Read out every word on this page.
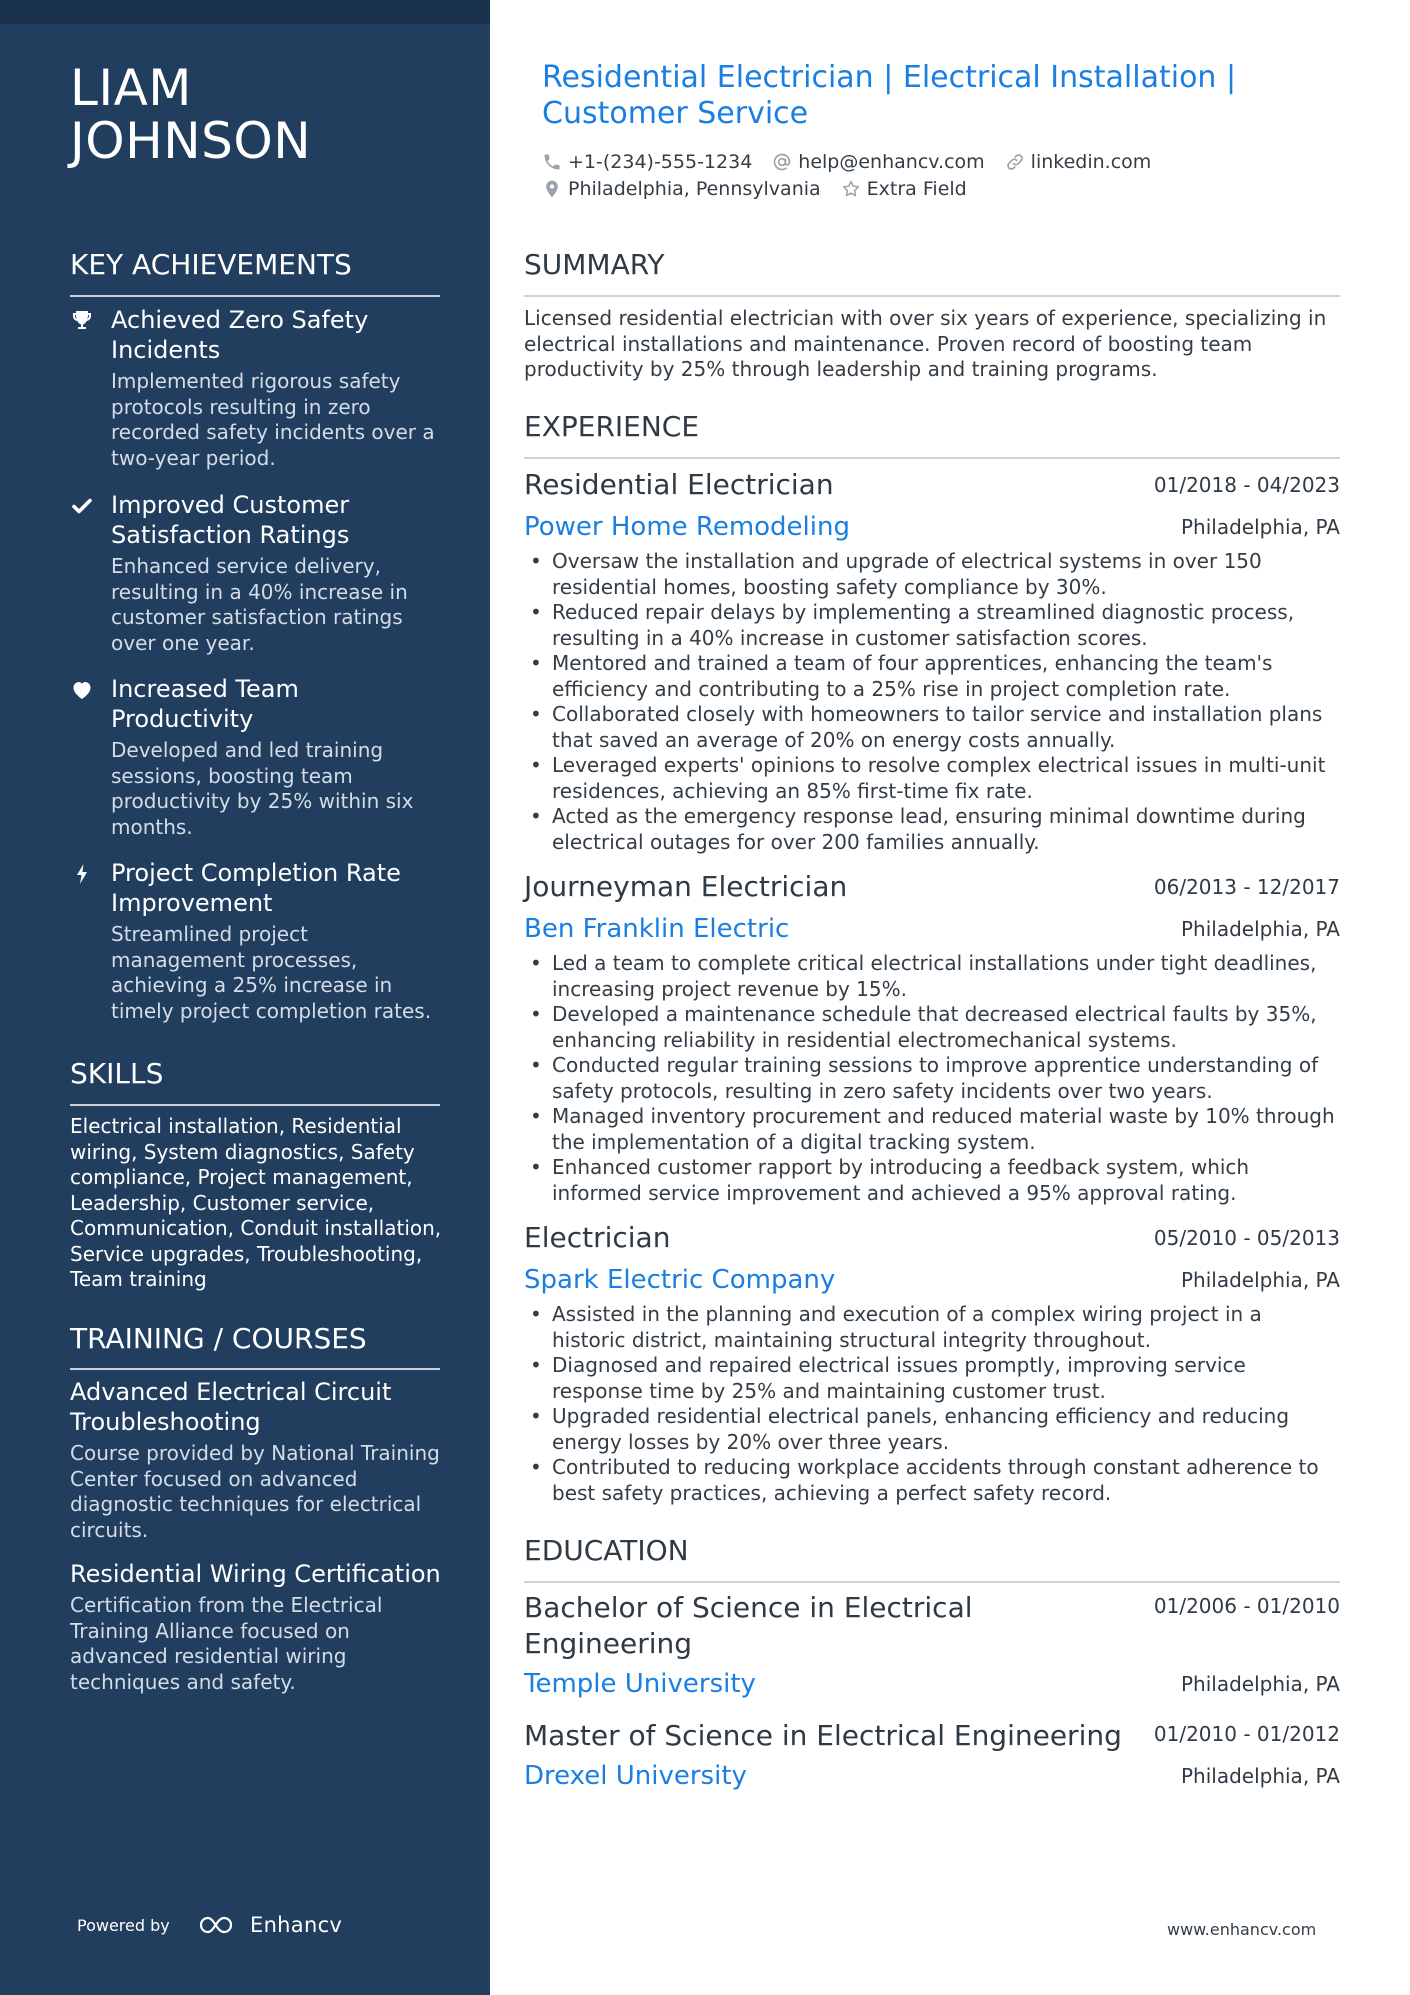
LIAM
JOHNSON
KEY ACHIEVEMENTS
Achieved Zero Safety Incidents
Implemented rigorous safety protocols resulting in zero recorded safety incidents over a two-year period.
Improved Customer Satisfaction Ratings
Enhanced service delivery, resulting in a 40% increase in customer satisfaction ratings over one year.
Increased Team Productivity
Developed and led training sessions, boosting team productivity by 25% within six months.
Project Completion Rate Improvement
Streamlined project management processes, achieving a 25% increase in timely project completion rates.
SKILLS
Electrical installation, Residential wiring, System diagnostics, Safety compliance, Project management, Leadership, Customer service, Communication, Conduit installation, Service upgrades, Troubleshooting, Team training
TRAINING / COURSES
Advanced Electrical Circuit Troubleshooting
Course provided by National Training Center focused on advanced diagnostic techniques for electrical circuits.
Residential Wiring Certification
Certification from the Electrical Training Alliance focused on advanced residential wiring techniques and safety.
Powered by	Enhancv
Residential Electrician | Electrical Installation |
Customer Service
+1-(234)-555-1234 help@enhancv.com linkedin.com
Philadelphia, Pennsylvania Extra Field
SUMMARY
Licensed residential electrician with over six years of experience, specializing in electrical installations and maintenance. Proven record of boosting team productivity by 25% through leadership and training programs.
EXPERIENCE
Residential Electrician	01/2018 - 04/2023
Power Home Remodeling	Philadelphia, PA
• Oversaw the installation and upgrade of electrical systems in over 150 residential homes, boosting safety compliance by 30%.
• Reduced repair delays by implementing a streamlined diagnostic process, resulting in a 40% increase in customer satisfaction scores.
• Mentored and trained a team of four apprentices, enhancing the team's efficiency and contributing to a 25% rise in project completion rate.
• Collaborated closely with homeowners to tailor service and installation plans that saved an average of 20% on energy costs annually.
• Leveraged experts' opinions to resolve complex electrical issues in multi-unit residences, achieving an 85% first-time fix rate.
• Acted as the emergency response lead, ensuring minimal downtime during electrical outages for over 200 families annually.
Journeyman Electrician	06/2013 - 12/2017
Ben Franklin Electric	Philadelphia, PA
• Led a team to complete critical electrical installations under tight deadlines, increasing project revenue by 15%.
• Developed a maintenance schedule that decreased electrical faults by 35%, enhancing reliability in residential electromechanical systems.
• Conducted regular training sessions to improve apprentice understanding of safety protocols, resulting in zero safety incidents over two years.
• Managed inventory procurement and reduced material waste by 10% through the implementation of a digital tracking system.
• Enhanced customer rapport by introducing a feedback system, which informed service improvement and achieved a 95% approval rating.
Electrician	05/2010 - 05/2013
Spark Electric Company	Philadelphia, PA
• Assisted in the planning and execution of a complex wiring project in a historic district, maintaining structural integrity throughout.
• Diagnosed and repaired electrical issues promptly, improving service response time by 25% and maintaining customer trust.
• Upgraded residential electrical panels, enhancing efficiency and reducing energy losses by 20% over three years.
• Contributed to reducing workplace accidents through constant adherence to best safety practices, achieving a perfect safety record.
EDUCATION
Bachelor of Science in Electrical Engineering
01/2006 - 01/2010
Temple University	Philadelphia, PA
Master of Science in Electrical Engineering	01/2010 - 01/2012
Drexel University	Philadelphia, PA
www.enhancv.com
